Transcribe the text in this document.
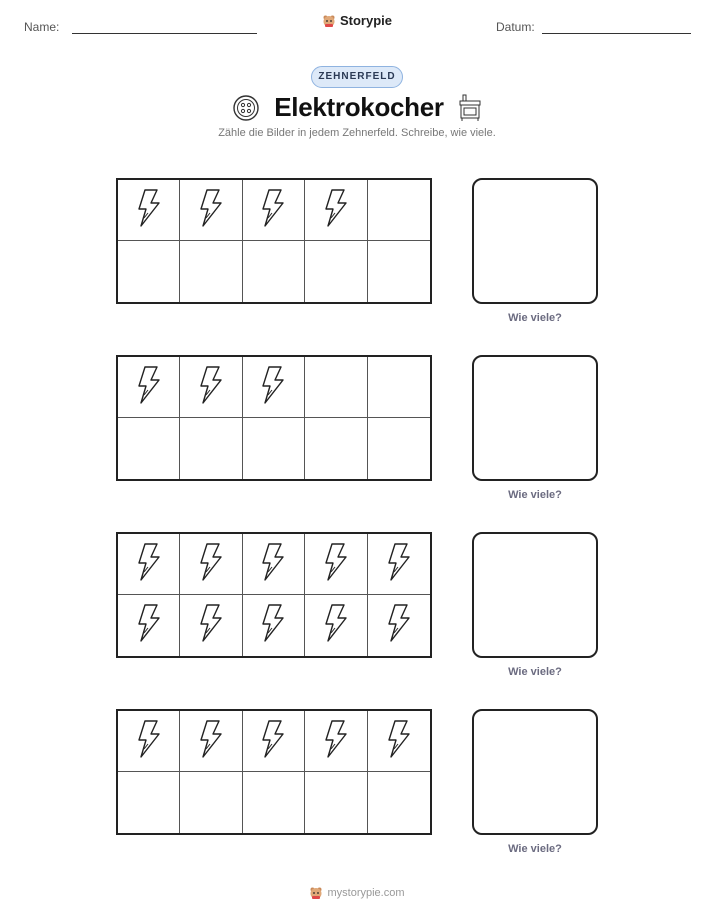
Name:	Storypie	Datum:
ZEHNERFELD
Elektrokocher
Zähle die Bilder in jedem Zehnerfeld. Schreibe, wie viele.
Wie viele?
Wie viele?
Wie viele?
Wie viele?
mystorypie.com
